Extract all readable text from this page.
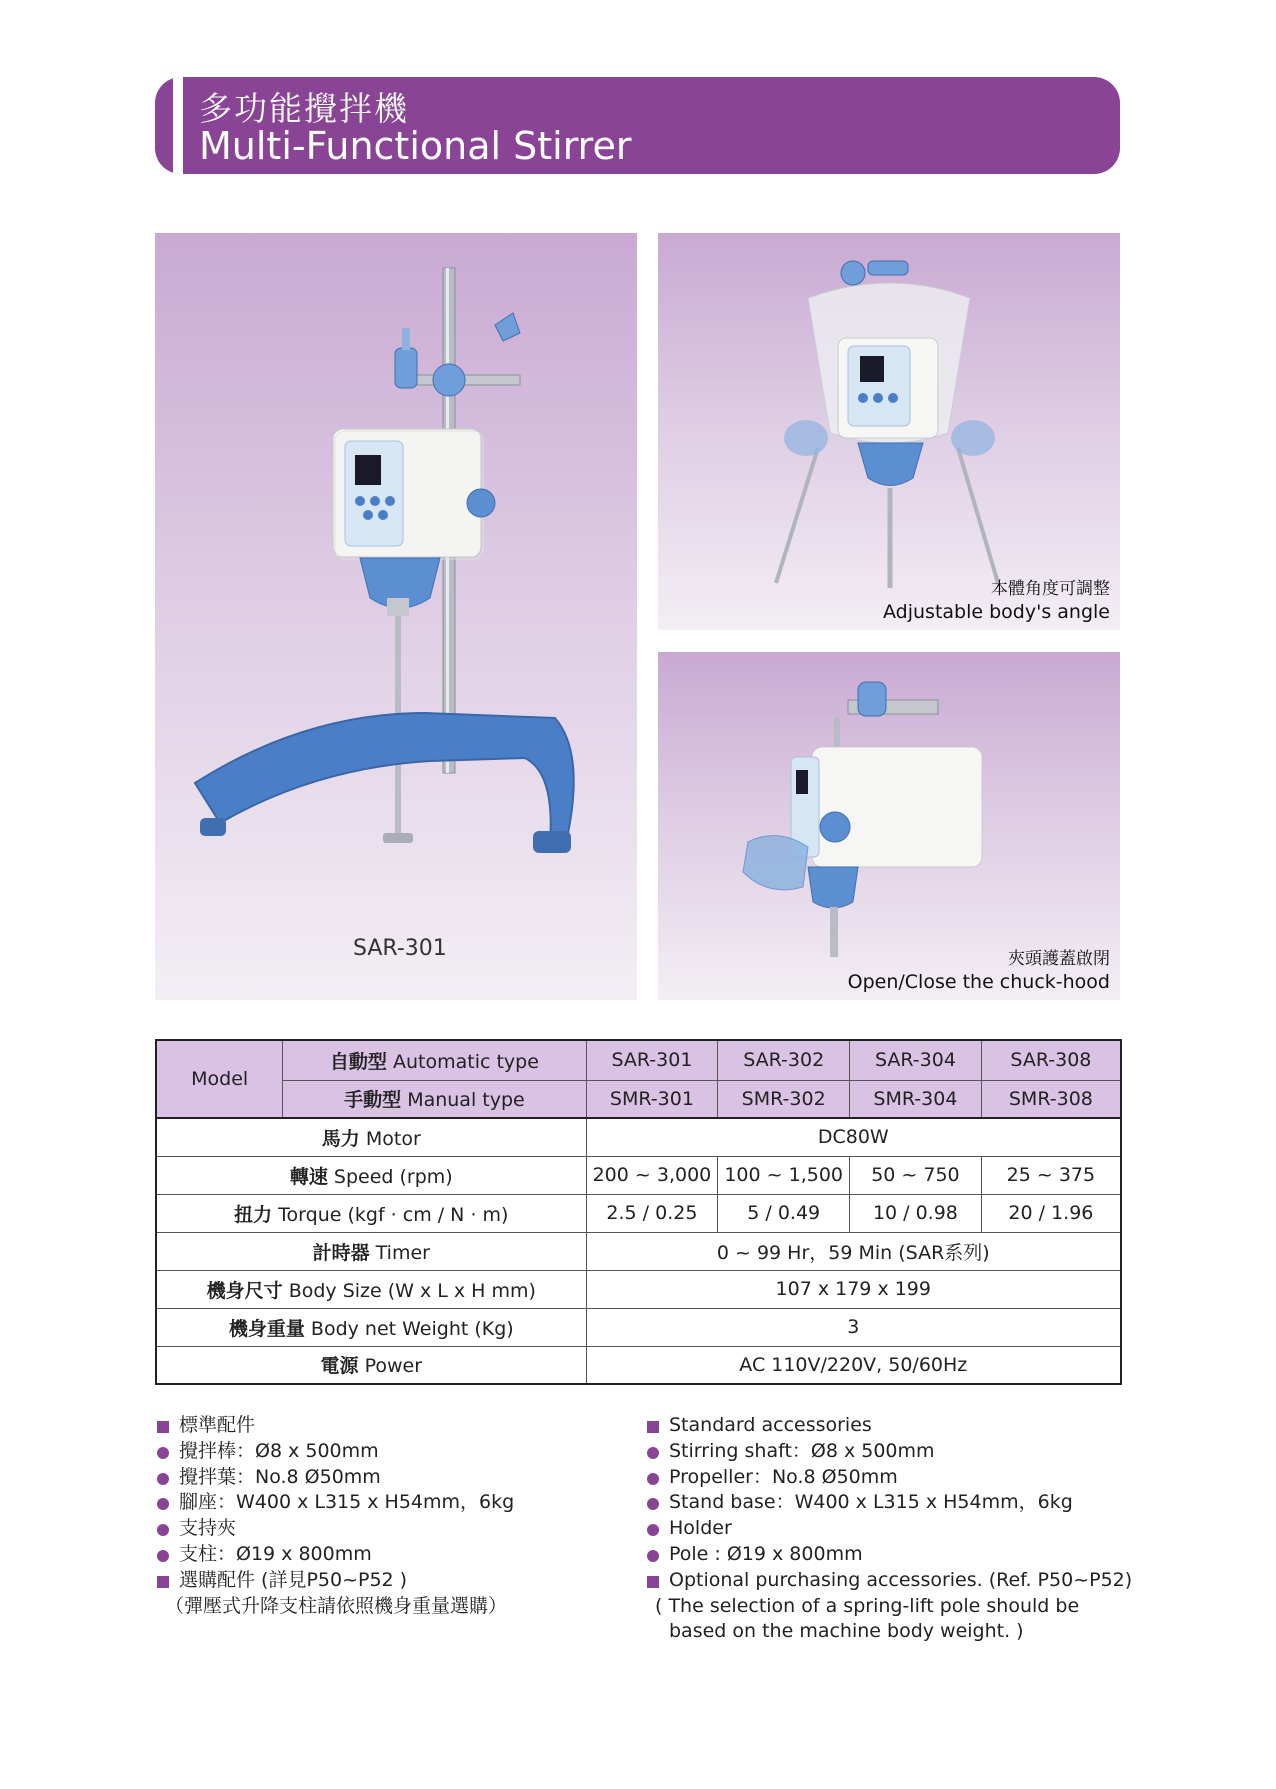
多功能攪拌機
Multi-Functional Stirrer
SAR-301
本體角度可調整
Adjustable body's angle
夾頭護蓋啟閉
Open/Close the chuck-hood
Model	自動型 Automatic type	SAR-301	SAR-302	SAR-304	SAR-308
	手動型 Manual type	SMR-301	SMR-302	SMR-304	SMR-308
馬力 Motor		DC80W			
轉速 Speed (rpm)		200 ~ 3,000	100 ~ 1,500	50 ~ 750	25 ~ 375
扭力 Torque (kgf · cm / N · m)		2.5 / 0.25	5 / 0.49	10 / 0.98	20 / 1.96
計時器 Timer		0 ~ 99 Hr，59 Min (SAR系列)			
機身尺寸 Body Size (W x L x H mm)		107 x 179 x 199			
機身重量 Body net Weight (Kg)		3			
電源 Power		AC 110V/220V, 50/60Hz			
標準配件
攪拌棒：Ø8 x 500mm
攪拌葉：No.8 Ø50mm
腳座：W400 x L315 x H54mm，6kg
支持夾
支柱：Ø19 x 800mm
選購配件 (詳見P50~P52 )
（彈壓式升降支柱請依照機身重量選購）
Standard accessories
Stirring shaft：Ø8 x 500mm
Propeller：No.8 Ø50mm
Stand base：W400 x L315 x H54mm，6kg
Holder
Pole : Ø19 x 800mm
Optional purchasing accessories. (Ref. P50~P52)
( The selection of a spring-lift pole should be
based on the machine body weight. )
